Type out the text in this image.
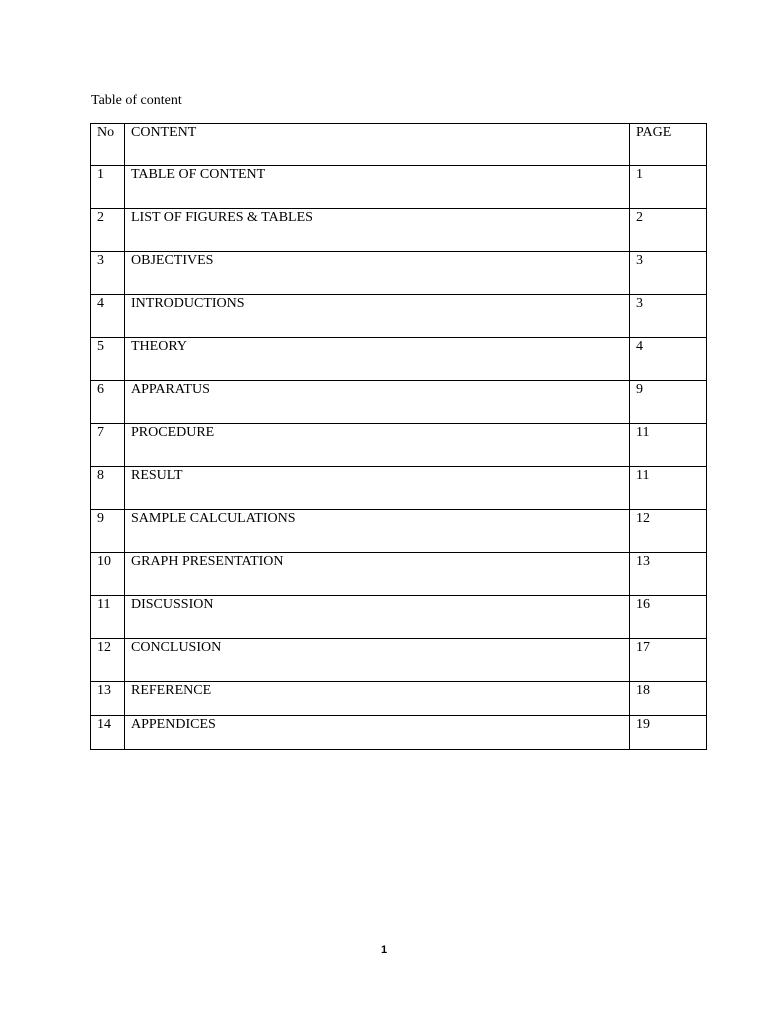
Table of content
No	CONTENT	PAGE
1	TABLE OF CONTENT	1
2	LIST OF FIGURES & TABLES	2
3	OBJECTIVES	3
4	INTRODUCTIONS	3
5	THEORY	4
6	APPARATUS	9
7	PROCEDURE	11
8	RESULT	11
9	SAMPLE CALCULATIONS	12
10	GRAPH PRESENTATION	13
11	DISCUSSION	16
12	CONCLUSION	17
13	REFERENCE	18
14	APPENDICES	19
1
